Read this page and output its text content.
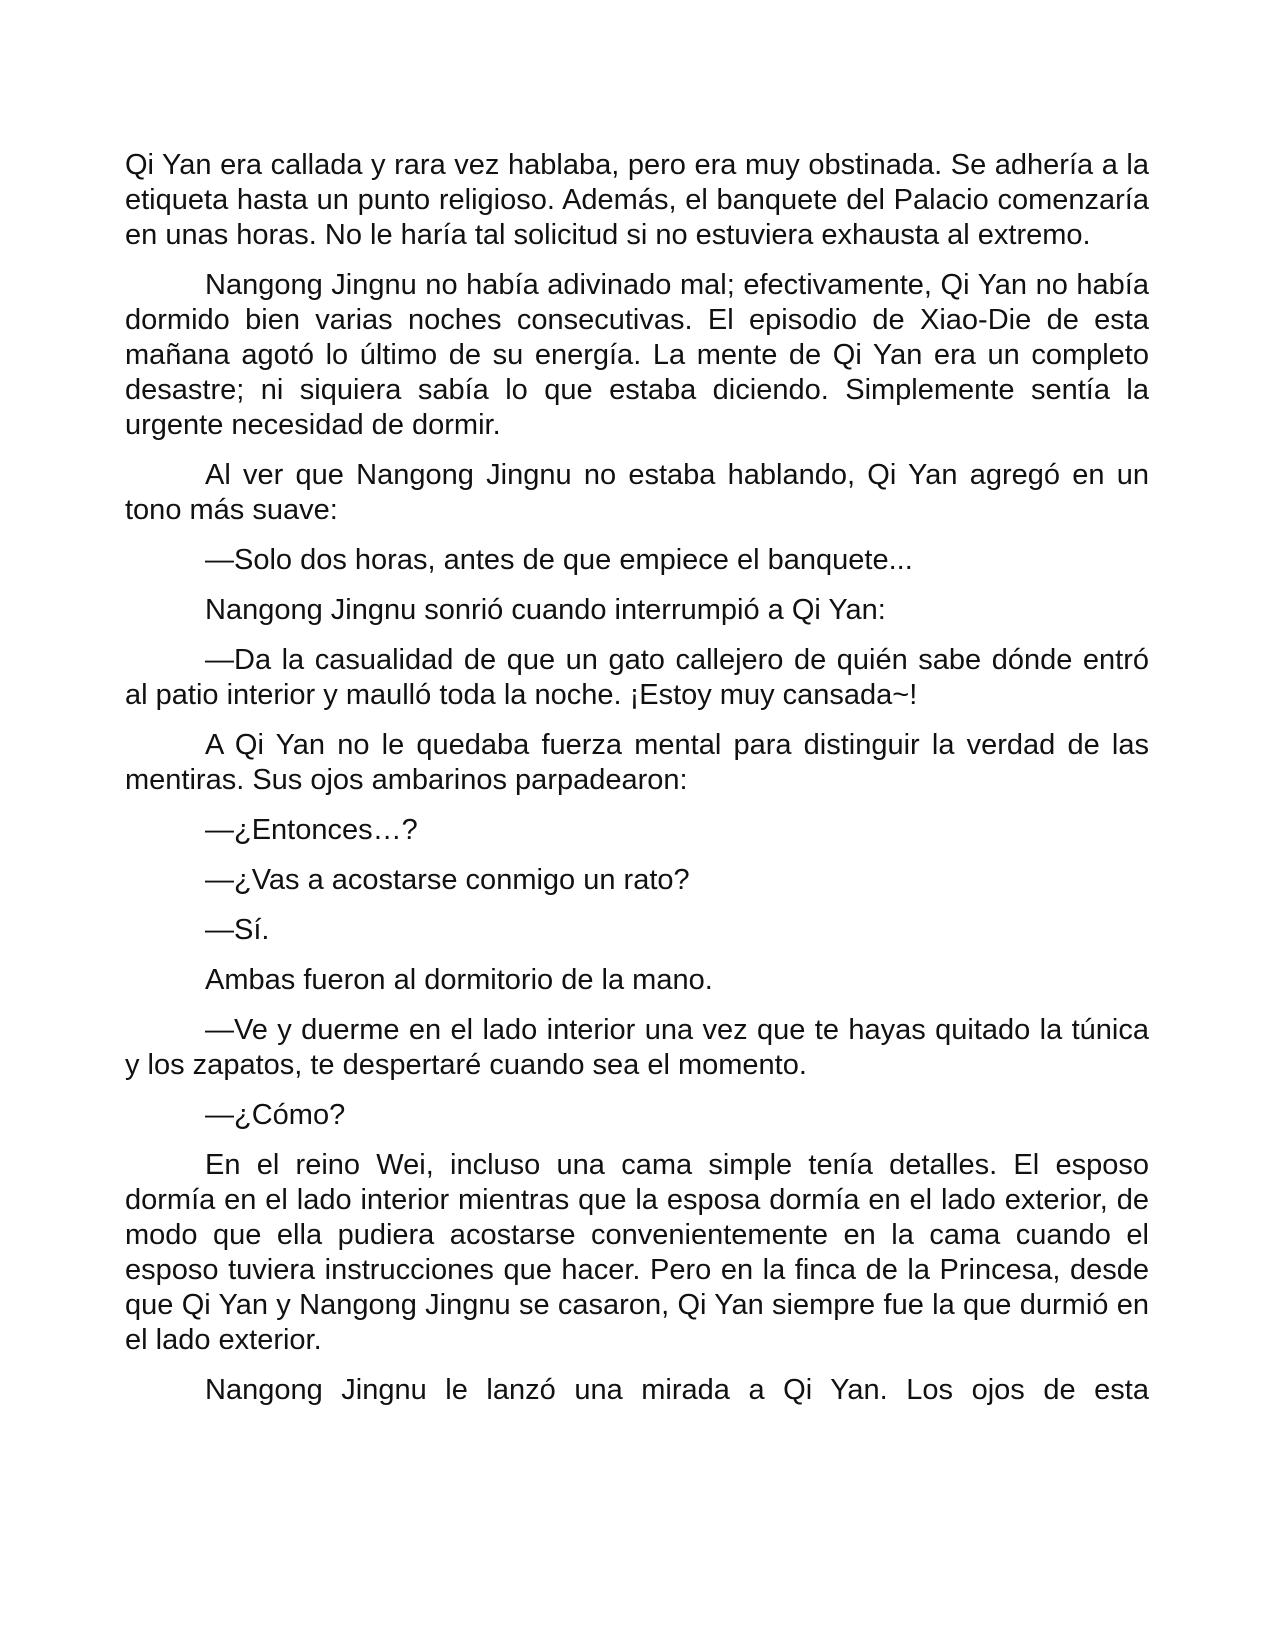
Qi Yan era callada y rara vez hablaba, pero era muy obstinada. Se adhería a la etiqueta hasta un punto religioso. Además, el banquete del Palacio comenzaría en unas horas. No le haría tal solicitud si no estuviera exhausta al extremo.

Nangong Jingnu no había adivinado mal; efectivamente, Qi Yan no había dormido bien varias noches consecutivas. El episodio de Xiao-Die de esta mañana agotó lo último de su energía. La mente de Qi Yan era un completo desastre; ni siquiera sabía lo que estaba diciendo. Simplemente sentía la urgente necesidad de dormir.

Al ver que Nangong Jingnu no estaba hablando, Qi Yan agregó en un tono más suave:

—Solo dos horas, antes de que empiece el banquete...

Nangong Jingnu sonrió cuando interrumpió a Qi Yan:

—Da la casualidad de que un gato callejero de quién sabe dónde entró al patio interior y maulló toda la noche. ¡Estoy muy cansada~!

A Qi Yan no le quedaba fuerza mental para distinguir la verdad de las mentiras. Sus ojos ambarinos parpadearon:

—¿Entonces…?

—¿Vas a acostarse conmigo un rato?

—Sí.

Ambas fueron al dormitorio de la mano.

—Ve y duerme en el lado interior una vez que te hayas quitado la túnica y los zapatos, te despertaré cuando sea el momento.

—¿Cómo?

En el reino Wei, incluso una cama simple tenía detalles. El esposo dormía en el lado interior mientras que la esposa dormía en el lado exterior, de modo que ella pudiera acostarse convenientemente en la cama cuando el esposo tuviera instrucciones que hacer. Pero en la finca de la Princesa, desde que Qi Yan y Nangong Jingnu se casaron, Qi Yan siempre fue la que durmió en el lado exterior.

Nangong Jingnu le lanzó una mirada a Qi Yan. Los ojos de esta
